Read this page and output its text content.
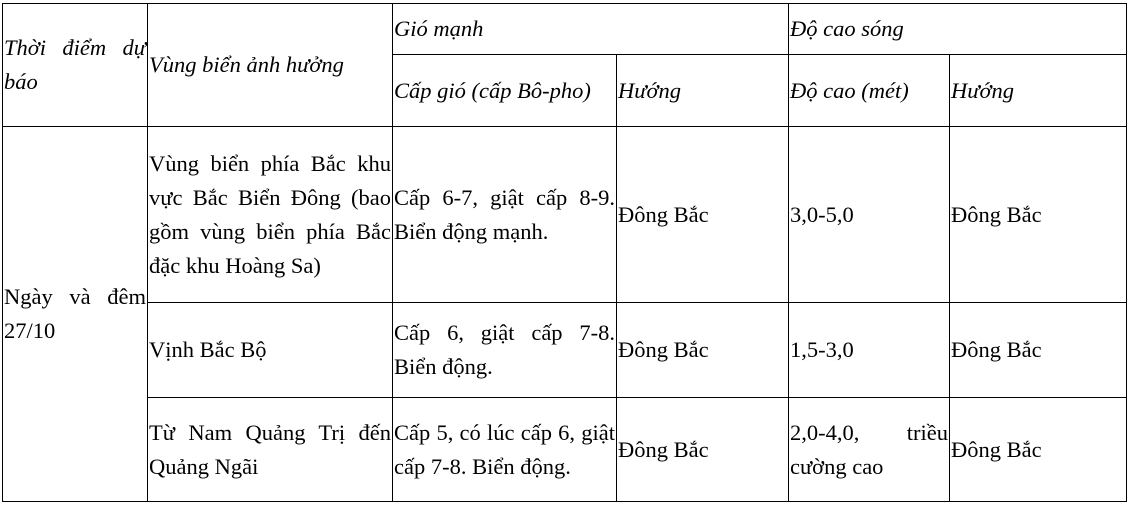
Thời điểm dự báo	Vùng biển ảnh hưởng	Gió mạnh		Độ cao sóng	
		Cấp gió (cấp Bô-pho)	Hướng	Độ cao (mét)	Hướng

Ngày và đêm 27/10	Vùng biển phía Bắc khu vực Bắc Biển Đông (bao gồm vùng biển phía Bắc đặc khu Hoàng Sa)	Cấp 6-7, giật cấp 8-9. Biển động mạnh.	Đông Bắc	3,0-5,0	Đông Bắc
	Vịnh Bắc Bộ	Cấp 6, giật cấp 7-8. Biển động.	Đông Bắc	1,5-3,0	Đông Bắc
	Từ Nam Quảng Trị đến Quảng Ngãi	Cấp 5, có lúc cấp 6, giật cấp 7-8. Biển động.	Đông Bắc	2,0-4,0, triều cường cao	Đông Bắc
